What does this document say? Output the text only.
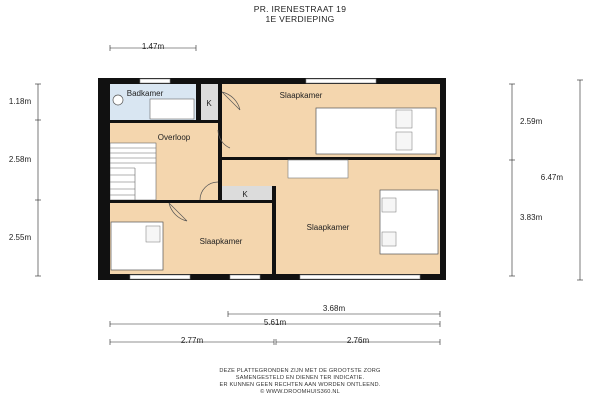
PR. IRENESTRAAT 19
1E VERDIEPING
Badkamer
K
Slaapkamer
Overloop
K
Slaapkamer
Slaapkamer
1.47m
1.18m
2.58m
2.55m
2.59m
3.83m
6.47m
3.68m
5.61m
2.77m	2.76m
DEZE PLATTEGRONDEN ZIJN MET DE GROOTSTE ZORG
SAMENGESTELD EN DIENEN TER INDICATIE.
ER KUNNEN GEEN RECHTEN AAN WORDEN ONTLEEND.
© WWW.DROOMHUIS360.NL
